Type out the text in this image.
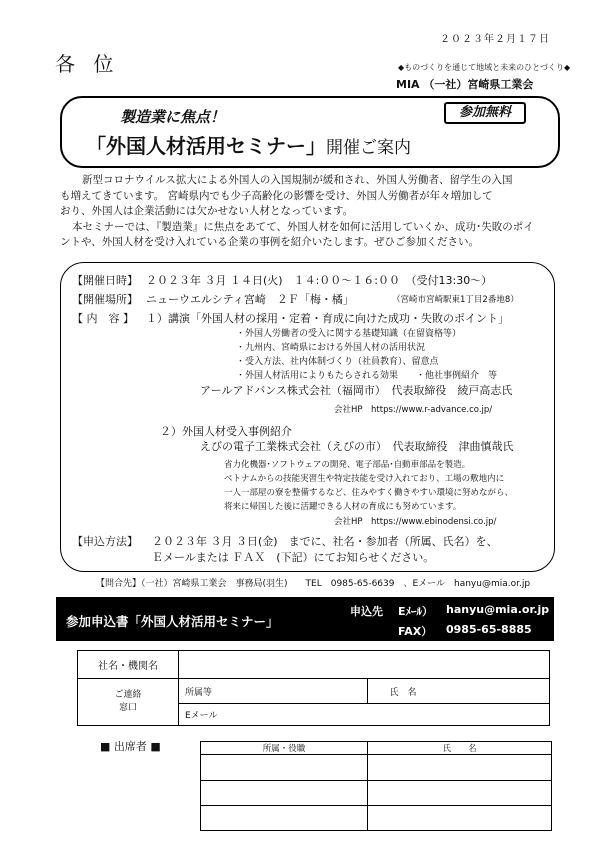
２０２３年２月１７日
各 位	◆ものづくりを通じて地域と未来のひとづくり◆
MIA （一社）宮崎県工業会
製造業に焦点！	参加無料
「外国人材活用セミナー」開催ご案内

新型コロナウイルス拡大による外国人の入国規制が緩和され、外国人労働者、留学生の入国

も増えてきています。 宮崎県内でも少子高齢化の影響を受け、外国人労働者が年々増加して

おり、外国人は企業活動には欠かせない人材となっています。

本セミナーでは、『製造業』に焦点をあてて、外国人材を如何に活用していくか、成功･失敗のポイ

ントや、外国人材を受け入れている企業の事例を紹介いたします。ぜひご参加ください。

【開催日時】 ２０２３年 ３月 １４日(火)　１４:００～１６:００　（受付13:30～）
【開催場所】 ニューウエルシティ宮崎　２Ｆ「梅・橘」	（宮崎市宮崎駅東1丁目2番地8）
【 内　容 】 １）講演「外国人材の採用・定着・育成に向けた成功・失敗のポイント」
・外国人労働者の受入に関する基礎知識（在留資格等）
・九州内、宮崎県における外国人材の活用状況
・受入方法、社内体制づくり（社員教育）、留意点
・外国人材活用によりもたらされる効果　　・他社事例紹介　等
アールアドバンス株式会社（福岡市）　代表取締役　綾戸高志氏
会社HP　https://www.r-advance.co.jp/
２）外国人材受入事例紹介
えびの電子工業株式会社（えびの市）　代表取締役　津曲慎哉氏
省力化機器･ソフトウェアの開発、電子部品･自動車部品を製造。
ベトナムからの技能実習生や特定技能を受け入れており、工場の敷地内に
一人一部屋の寮を整備するなど、住みやすく働きやすい環境に努めながら、
将来に帰国した後に活躍できる人材の育成にも努めています。
会社HP　https://www.ebinodensi.co.jp/
【申込方法】 ２０２３年 ３月 ３日(金)　までに、社名・参加者（所属、氏名）を、
Ｅメールまたは ＦＡＸ　(下記）にてお知らせください。
【問合先】（一社）宮崎県工業会　事務局(羽生)　　TEL　0985-65-6639　、Eメール　hanyu@mia.or.jp
参加申込書「外国人材活用セミナー」
申込先 Eﾒｰﾙ） hanyu@mia.or.jp
FAX） 0985-65-8885
社名・機関名				
ご連絡
窓口	所属等		氏　名	
	Eメール			
■ 出席者 ■	所属・役職	氏　　名
